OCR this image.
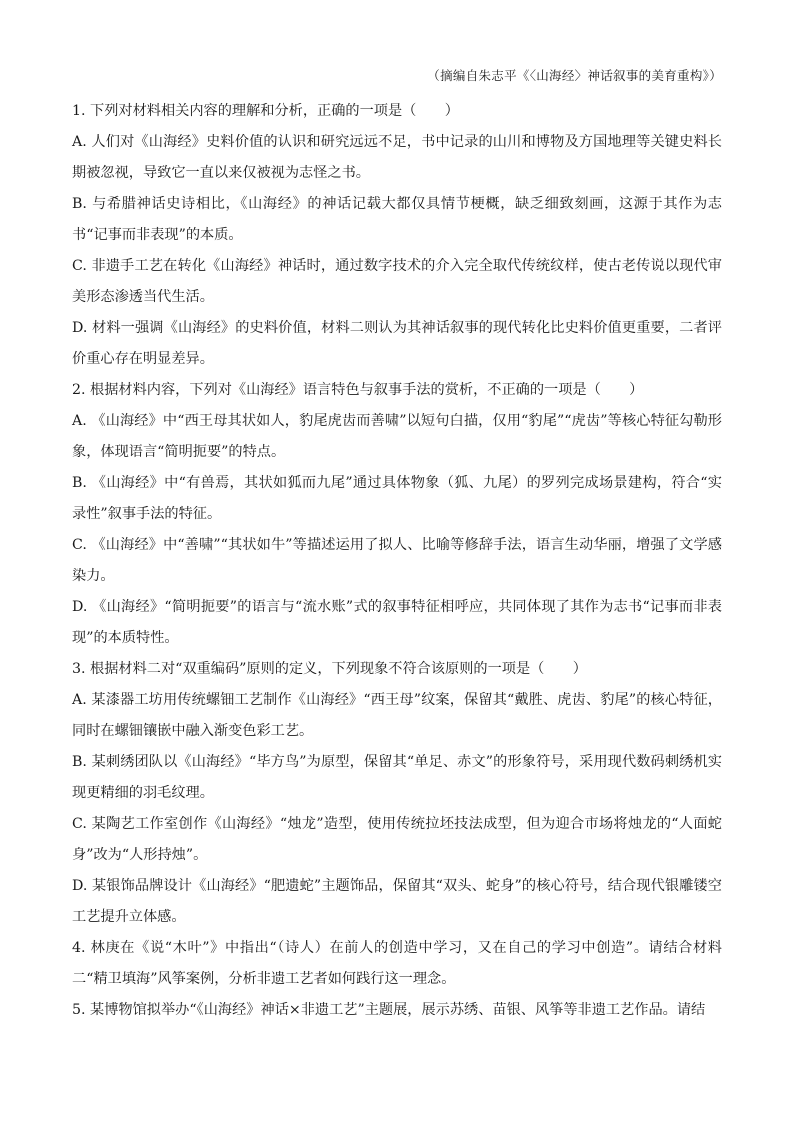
（摘编自朱志平《〈山海经〉神话叙事的美育重构》）

1. 下列对材料相关内容的理解和分析，正确的一项是（　　）

A. 人们对《山海经》史料价值的认识和研究远远不足，书中记录的山川和博物及方国地理等关键史料长期被忽视，导致它一直以来仅被视为志怪之书。

B. 与希腊神话史诗相比，《山海经》的神话记载大都仅具情节梗概，缺乏细致刻画，这源于其作为志书“记事而非表现”的本质。

C. 非遗手工艺在转化《山海经》神话时，通过数字技术的介入完全取代传统纹样，使古老传说以现代审美形态渗透当代生活。

D. 材料一强调《山海经》的史料价值，材料二则认为其神话叙事的现代转化比史料价值更重要，二者评价重心存在明显差异。

2. 根据材料内容，下列对《山海经》语言特色与叙事手法的赏析，不正确的一项是（　　）

A. 《山海经》中“西王母其状如人，豹尾虎齿而善啸”以短句白描，仅用“豹尾”“虎齿”等核心特征勾勒形象，体现语言“简明扼要”的特点。

B. 《山海经》中“有兽焉，其状如狐而九尾”通过具体物象（狐、九尾）的罗列完成场景建构，符合“实录性”叙事手法的特征。

C. 《山海经》中“善啸”“其状如牛”等描述运用了拟人、比喻等修辞手法，语言生动华丽，增强了文学感染力。

D. 《山海经》“简明扼要”的语言与“流水账”式的叙事特征相呼应，共同体现了其作为志书“记事而非表现”的本质特性。

3. 根据材料二对“双重编码”原则的定义，下列现象不符合该原则的一项是（　　）

A. 某漆器工坊用传统螺钿工艺制作《山海经》“西王母”纹案，保留其“戴胜、虎齿、豹尾”的核心特征，同时在螺钿镶嵌中融入渐变色彩工艺。

B. 某刺绣团队以《山海经》“毕方鸟”为原型，保留其“单足、赤文”的形象符号，采用现代数码刺绣机实现更精细的羽毛纹理。

C. 某陶艺工作室创作《山海经》“烛龙”造型，使用传统拉坯技法成型，但为迎合市场将烛龙的“人面蛇身”改为“人形持烛”。

D. 某银饰品牌设计《山海经》“肥遗蛇”主题饰品，保留其“双头、蛇身”的核心符号，结合现代银雕镂空工艺提升立体感。

4. 林庚在《说“木叶”》中指出“（诗人）在前人的创造中学习，又在自己的学习中创造”。请结合材料二“精卫填海”风筝案例，分析非遗工艺者如何践行这一理念。

5. 某博物馆拟举办“《山海经》神话×非遗工艺”主题展，展示苏绣、苗银、风筝等非遗工艺作品。请结
